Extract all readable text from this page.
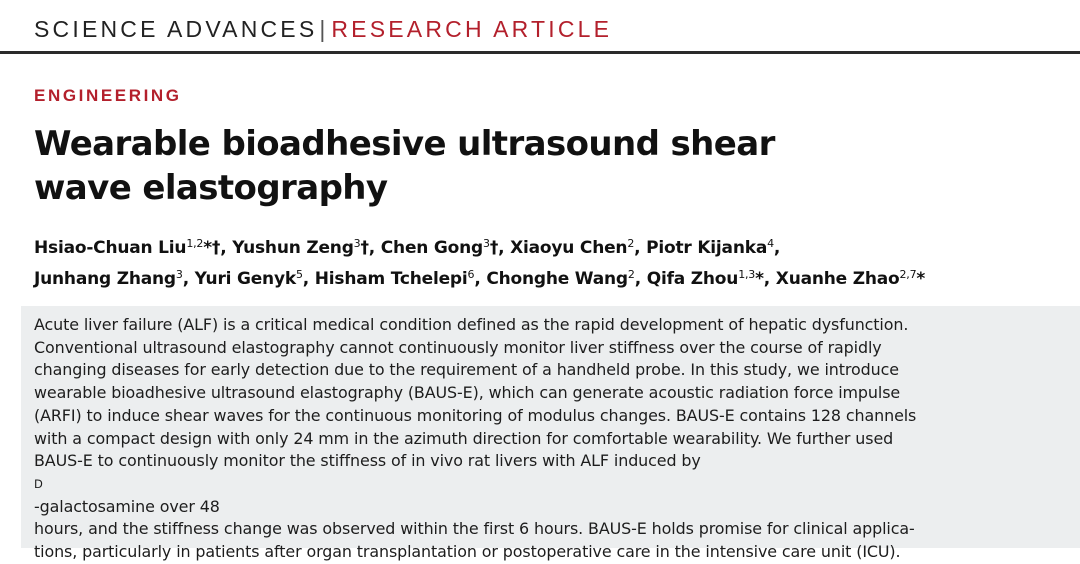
SCIENCE ADVANCES| RESEARCH ARTICLE
ENGINEERING
Wearable bioadhesive ultrasound shear
wave elastography
Hsiao-Chuan Liu$^{1,2}$*†, Yushun Zeng$^3$†, Chen Gong$^3$†, Xiaoyu Chen$^2$, Piotr Kijanka$^4$,
Junhang Zhang$^3$, Yuri Genyk$^5$, Hisham Tchelepi$^6$, Chonghe Wang$^2$, Qifa Zhou$^{1,3}$*, Xuanhe Zhao$^{2,7}$*

Acute liver failure (ALF) is a critical medical condition defined as the rapid development of hepatic dysfunction.
Conventional ultrasound elastography cannot continuously monitor liver stiffness over the course of rapidly
changing diseases for early detection due to the requirement of a handheld probe. In this study, we introduce
wearable bioadhesive ultrasound elastography (BAUS-E), which can generate acoustic radiation force impulse
(ARFI) to induce shear waves for the continuous monitoring of modulus changes. BAUS-E contains 128 channels
with a compact design with only 24 mm in the azimuth direction for comfortable wearability. We further used
BAUS-E to continuously monitor the stiffness of in vivo rat livers with ALF induced by
D
-galactosamine over 48
hours, and the stiffness change was observed within the first 6 hours. BAUS-E holds promise for clinical applica-
tions, particularly in patients after organ transplantation or postoperative care in the intensive care unit (ICU).
